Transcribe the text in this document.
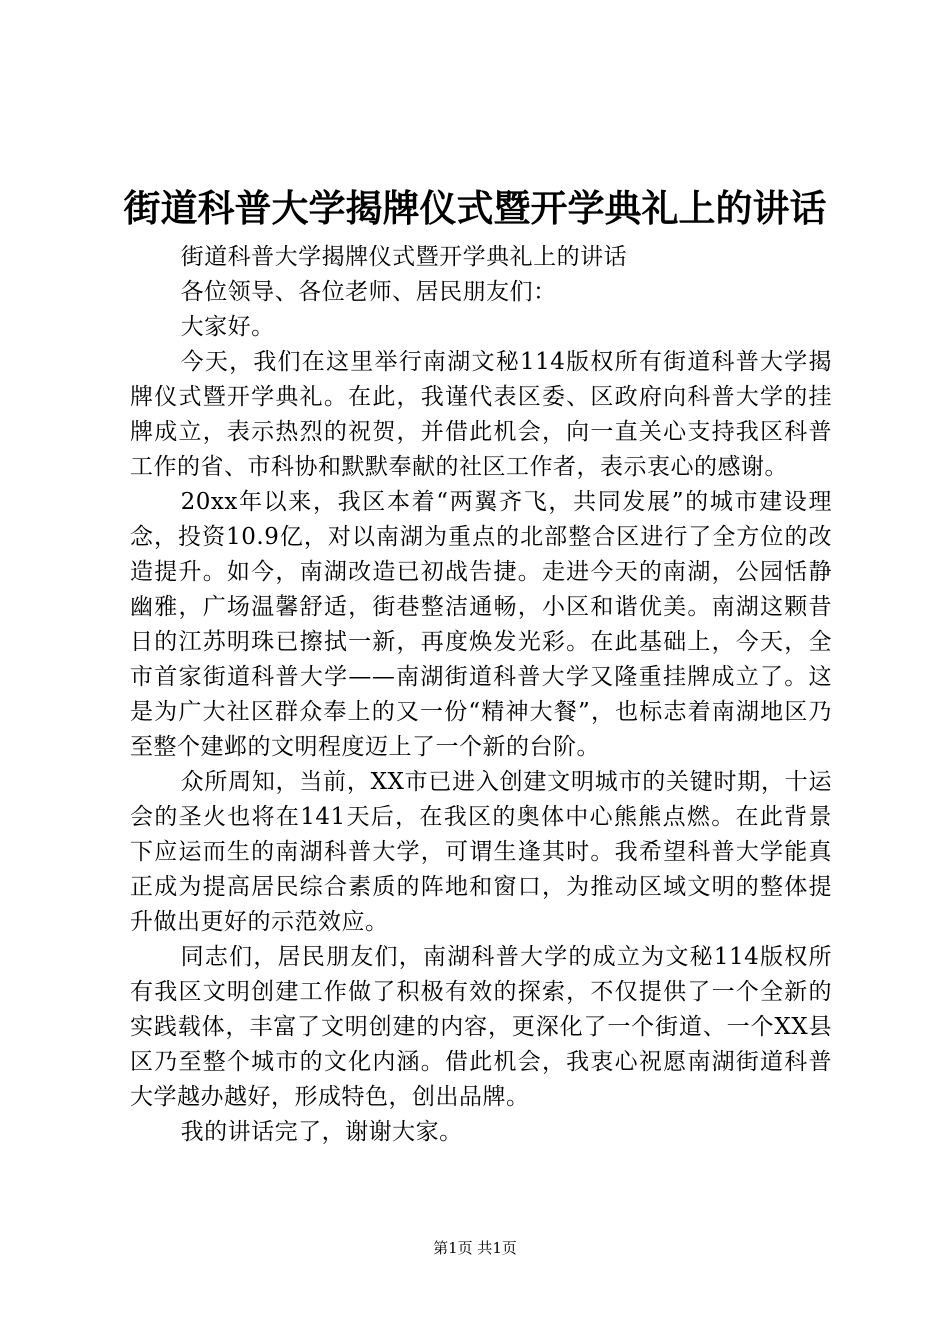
街道科普大学揭牌仪式暨开学典礼上的讲话

街道科普大学揭牌仪式暨开学典礼上的讲话

各位领导、各位老师、居民朋友们：

大家好。

今天，我们在这里举行南湖文秘114版权所有街道科普大学揭牌仪式暨开学典礼。在此，我谨代表区委、区政府向科普大学的挂牌成立，表示热烈的祝贺，并借此机会，向一直关心支持我区科普工作的省、市科协和默默奉献的社区工作者，表示衷心的感谢。

20xx年以来，我区本着“两翼齐飞，共同发展”的城市建设理念，投资10.9亿，对以南湖为重点的北部整合区进行了全方位的改造提升。如今，南湖改造已初战告捷。走进今天的南湖，公园恬静幽雅，广场温馨舒适，街巷整洁通畅，小区和谐优美。南湖这颗昔日的江苏明珠已擦拭一新，再度焕发光彩。在此基础上，今天，全市首家街道科普大学——南湖街道科普大学又隆重挂牌成立了。这是为广大社区群众奉上的又一份“精神大餐”，也标志着南湖地区乃至整个建邺的文明程度迈上了一个新的台阶。

众所周知，当前，XX市已进入创建文明城市的关键时期，十运会的圣火也将在141天后，在我区的奥体中心熊熊点燃。在此背景下应运而生的南湖科普大学，可谓生逢其时。我希望科普大学能真正成为提高居民综合素质的阵地和窗口，为推动区域文明的整体提升做出更好的示范效应。

同志们，居民朋友们，南湖科普大学的成立为文秘114版权所有我区文明创建工作做了积极有效的探索，不仅提供了一个全新的实践载体，丰富了文明创建的内容，更深化了一个街道、一个XX县区乃至整个城市的文化内涵。借此机会，我衷心祝愿南湖街道科普大学越办越好，形成特色，创出品牌。

我的讲话完了，谢谢大家。

第1页 共1页
